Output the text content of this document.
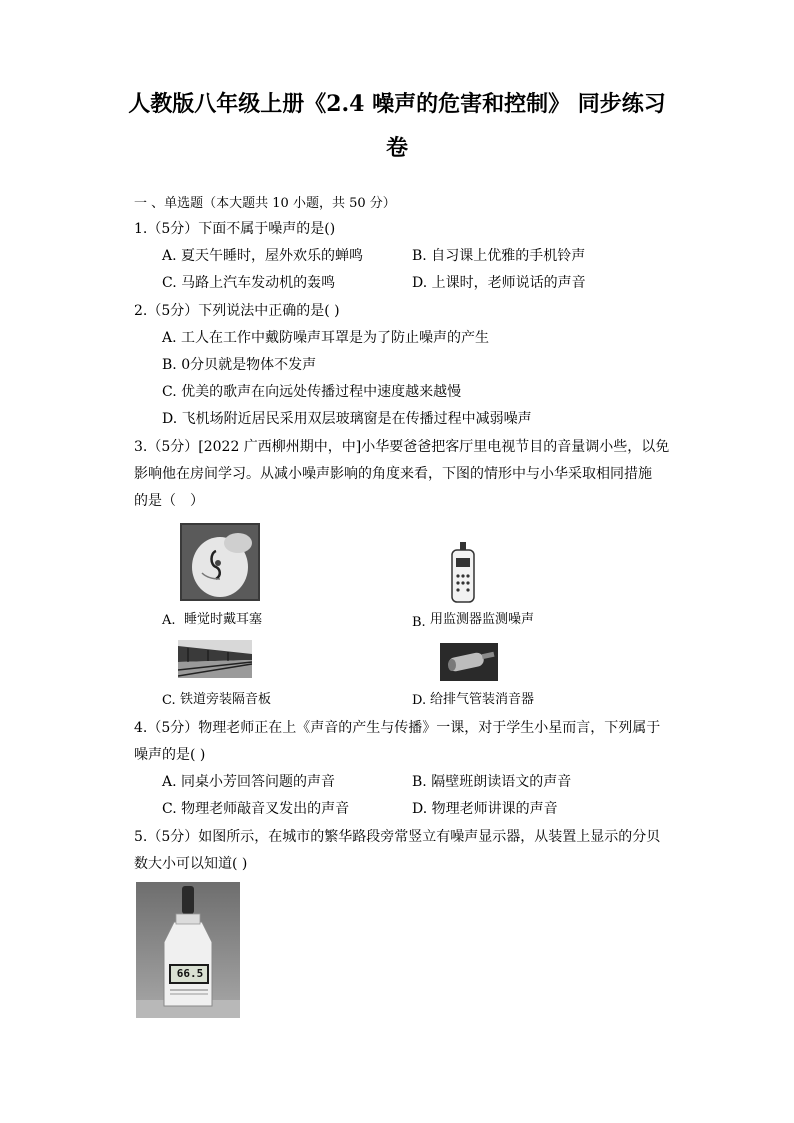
人教版八年级上册《2.4 噪声的危害和控制》 同步练习
卷
一 、单选题（本大题共 10 小题，共 50 分）
1.（5分）下面不属于噪声的是()
A. 夏天午睡时，屋外欢乐的蝉鸣	B. 自习课上优雅的手机铃声
C. 马路上汽车发动机的轰鸣	D. 上课时，老师说话的声音
2.（5分）下列说法中正确的是( )
A. 工人在工作中戴防噪声耳罩是为了防止噪声的产生
B. 0分贝就是物体不发声
C. 优美的歌声在向远处传播过程中速度越来越慢
D. 飞机场附近居民采用双层玻璃窗是在传播过程中减弱噪声
3.（5分）[2022 广西柳州期中，中]小华要爸爸把客厅里电视节目的音量调小些，以免
影响他在房间学习。从减小噪声影响的角度来看，下图的情形中与小华采取相同措施
的是（　）
A. 睡觉时戴耳塞	B. 用监测器监测噪声
C. 铁道旁装隔音板	D. 给排气管装消音器
4.（5分）物理老师正在上《声音的产生与传播》一课，对于学生小星而言，下列属于
噪声的是( )
A. 同桌小芳回答问题的声音	B. 隔壁班朗读语文的声音
C. 物理老师敲音叉发出的声音	D. 物理老师讲课的声音
5.（5分）如图所示，在城市的繁华路段旁常竖立有噪声显示器，从装置上显示的分贝
数大小可以知道( )
66.5
